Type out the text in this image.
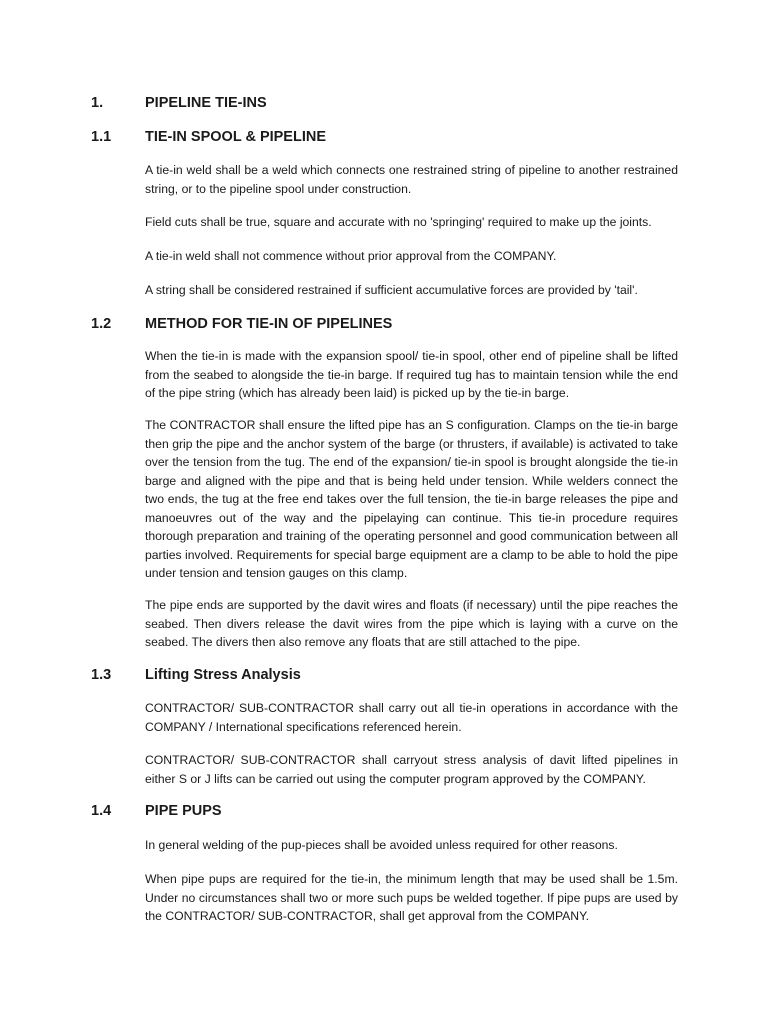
1.	PIPELINE TIE-INS
1.1 TIE-IN SPOOL & PIPELINE

A tie-in weld shall be a weld which connects one restrained string of pipeline to another restrained string, or to the pipeline spool under construction.

Field cuts shall be true, square and accurate with no 'springing' required to make up the joints.

A tie-in weld shall not commence without prior approval from the COMPANY.

A string shall be considered restrained if sufficient accumulative forces are provided by 'tail'.

1.2 METHOD FOR TIE-IN OF PIPELINES

When the tie-in is made with the expansion spool/ tie-in spool, other end of pipeline shall be lifted from the seabed to alongside the tie-in barge. If required tug has to maintain tension while the end of the pipe string (which has already been laid) is picked up by the tie-in barge.

The CONTRACTOR shall ensure the lifted pipe has an S configuration. Clamps on the tie-in barge then grip the pipe and the anchor system of the barge (or thrusters, if available) is activated to take over the tension from the tug. The end of the expansion/ tie-in spool is brought alongside the tie-in barge and aligned with the pipe and that is being held under tension. While welders connect the two ends, the tug at the free end takes over the full tension, the tie-in barge releases the pipe and manoeuvres out of the way and the pipelaying can continue. This tie-in procedure requires thorough preparation and training of the operating personnel and good communication between all parties involved. Requirements for special barge equipment are a clamp to be able to hold the pipe under tension and tension gauges on this clamp.

The pipe ends are supported by the davit wires and floats (if necessary) until the pipe reaches the seabed. Then divers release the davit wires from the pipe which is laying with a curve on the seabed. The divers then also remove any floats that are still attached to the pipe.

1.3 Lifting Stress Analysis

CONTRACTOR/ SUB-CONTRACTOR shall carry out all tie-in operations in accordance with the COMPANY / International specifications referenced herein.

CONTRACTOR/ SUB-CONTRACTOR shall carryout stress analysis of davit lifted pipelines in either S or J lifts can be carried out using the computer program approved by the COMPANY.

1.4 PIPE PUPS

In general welding of the pup-pieces shall be avoided unless required for other reasons.

When pipe pups are required for the tie-in, the minimum length that may be used shall be 1.5m. Under no circumstances shall two or more such pups be welded together. If pipe pups are used by the CONTRACTOR/ SUB-CONTRACTOR, shall get approval from the COMPANY.
